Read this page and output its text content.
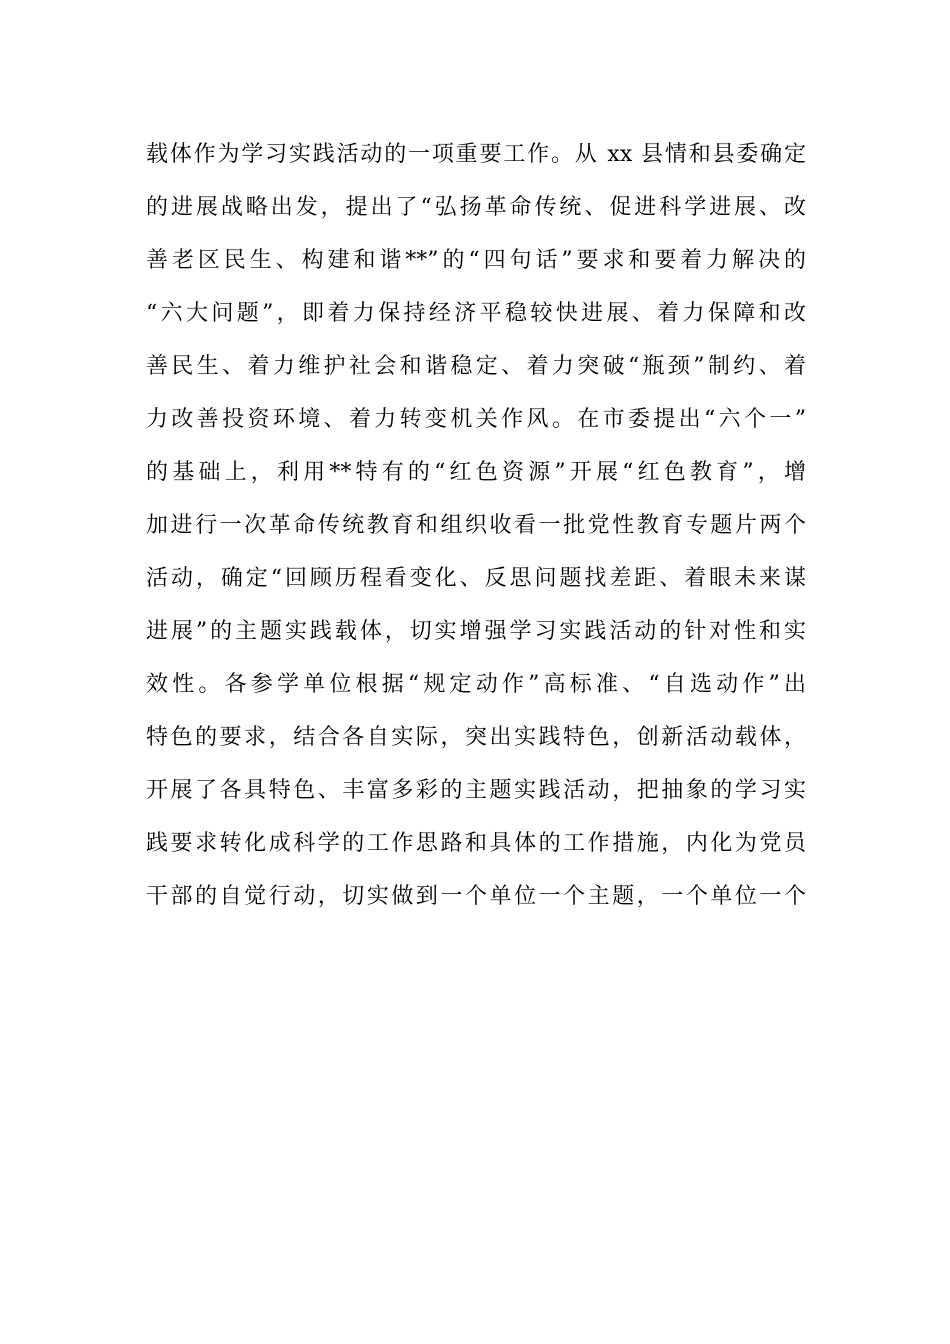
载体作为学习实践活动的一项重要工作。从 xx 县情和县委确定
的进展战略出发，提出了“弘扬革命传统、促进科学进展、改
善老区民生、构建和谐**”的“四句话”要求和要着力解决的
“六大问题”，即着力保持经济平稳较快进展、着力保障和改
善民生、着力维护社会和谐稳定、着力突破“瓶颈”制约、着
力改善投资环境、着力转变机关作风。在市委提出“六个一”
的基础上，利用**特有的“红色资源”开展“红色教育”，增
加进行一次革命传统教育和组织收看一批党性教育专题片两个
活动，确定“回顾历程看变化、反思问题找差距、着眼未来谋
进展”的主题实践载体，切实增强学习实践活动的针对性和实
效性。各参学单位根据“规定动作”高标准、“自选动作”出
特色的要求，结合各自实际，突出实践特色，创新活动载体，
开展了各具特色、丰富多彩的主题实践活动，把抽象的学习实
践要求转化成科学的工作思路和具体的工作措施，内化为党员
干部的自觉行动，切实做到一个单位一个主题，一个单位一个
